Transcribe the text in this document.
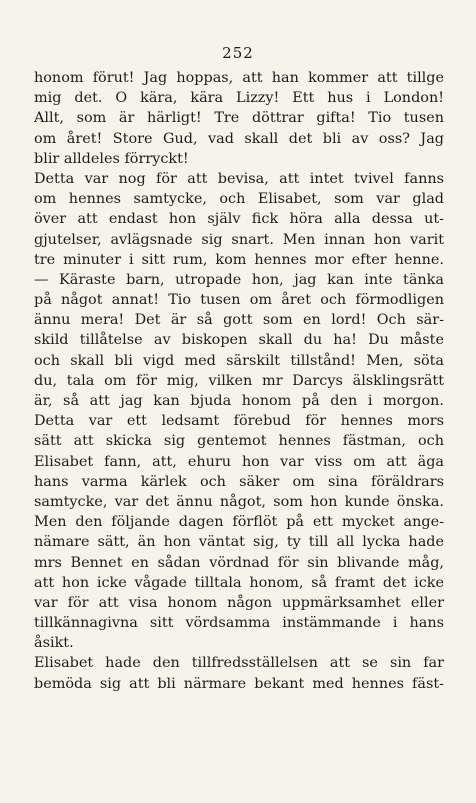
252
honom förut! Jag hoppas, att han kommer att tillge
mig det. O kära, kära Lizzy! Ett hus i London!
Allt, som är härligt! Tre döttrar gifta! Tio tusen
om året! Store Gud, vad skall det bli av oss? Jag
blir alldeles förryckt!
Detta var nog för att bevisa, att intet tvivel fanns
om hennes samtycke, och Elisabet, som var glad
över att endast hon själv fick höra alla dessa ut-
gjutelser, avlägsnade sig snart. Men innan hon varit
tre minuter i sitt rum, kom hennes mor efter henne.
— Käraste barn, utropade hon, jag kan inte tänka
på något annat! Tio tusen om året och förmodligen
ännu mera! Det är så gott som en lord! Och sär-
skild tillåtelse av biskopen skall du ha! Du måste
och skall bli vigd med särskilt tillstånd! Men, söta
du, tala om för mig, vilken mr Darcys älsklingsrätt
är, så att jag kan bjuda honom på den i morgon.
Detta var ett ledsamt förebud för hennes mors
sätt att skicka sig gentemot hennes fästman, och
Elisabet fann, att, ehuru hon var viss om att äga
hans varma kärlek och säker om sina föräldrars
samtycke, var det ännu något, som hon kunde önska.
Men den följande dagen förflöt på ett mycket ange-
nämare sätt, än hon väntat sig, ty till all lycka hade
mrs Bennet en sådan vördnad för sin blivande måg,
att hon icke vågade tilltala honom, så framt det icke
var för att visa honom någon uppmärksamhet eller
tillkännagivna sitt vördsamma instämmande i hans
åsikt.
Elisabet hade den tillfredsställelsen att se sin far
bemöda sig att bli närmare bekant med hennes fäst-
